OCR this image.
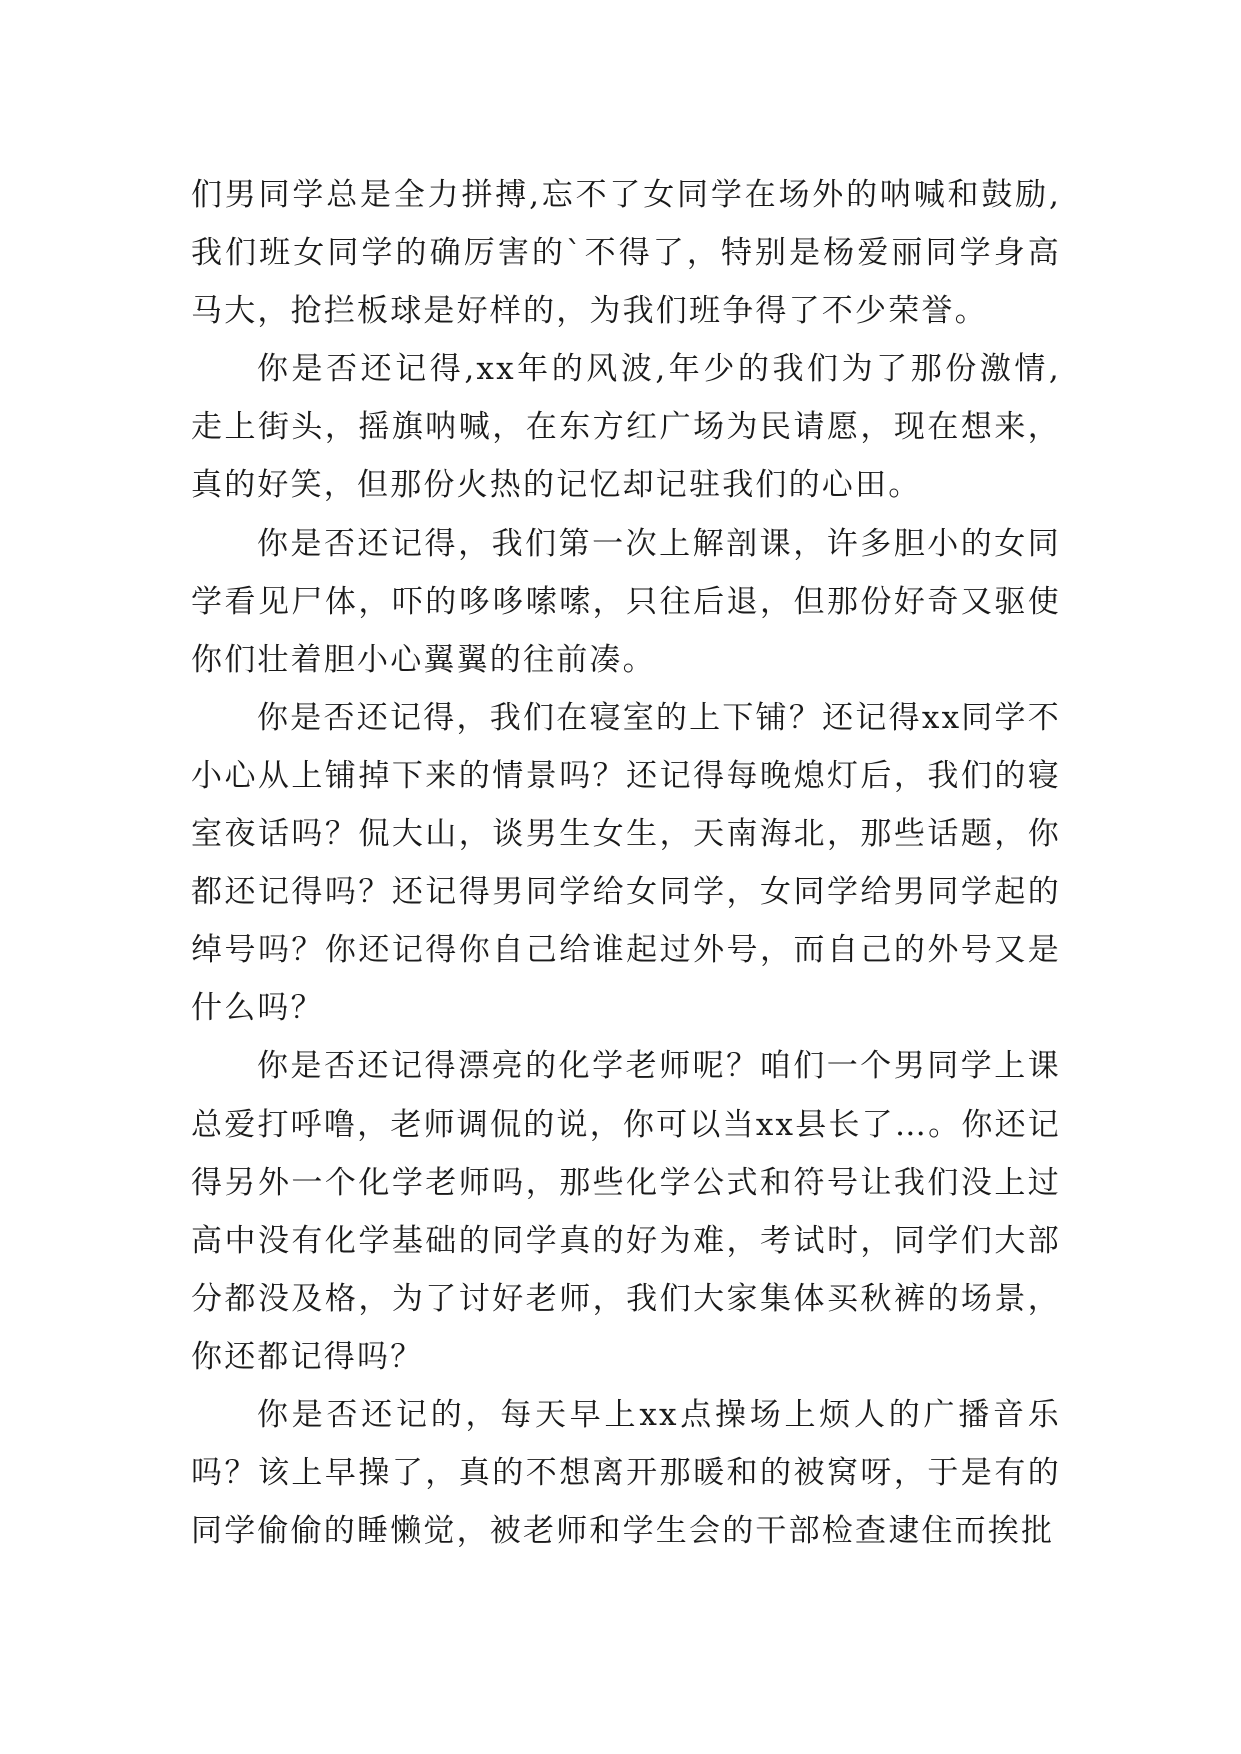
们男同学总是全力拼搏,忘不了女同学在场外的呐喊和鼓励,我们班女同学的确厉害的`不得了，特别是杨爱丽同学身高马大，抢拦板球是好样的，为我们班争得了不少荣誉。

你是否还记得,xx年的风波,年少的我们为了那份激情,走上街头，摇旗呐喊，在东方红广场为民请愿，现在想来，真的好笑，但那份火热的记忆却记驻我们的心田。

你是否还记得，我们第一次上解剖课，许多胆小的女同学看见尸体，吓的哆哆嗦嗦，只往后退，但那份好奇又驱使你们壮着胆小心翼翼的往前凑。

你是否还记得，我们在寝室的上下铺？还记得xx同学不小心从上铺掉下来的情景吗？还记得每晚熄灯后，我们的寝室夜话吗？侃大山，谈男生女生，天南海北，那些话题，你都还记得吗？还记得男同学给女同学，女同学给男同学起的绰号吗？你还记得你自己给谁起过外号，而自己的外号又是什么吗？

你是否还记得漂亮的化学老师呢？咱们一个男同学上课总爱打呼噜，老师调侃的说，你可以当xx县长了…。你还记得另外一个化学老师吗，那些化学公式和符号让我们没上过高中没有化学基础的同学真的好为难，考试时，同学们大部分都没及格，为了讨好老师，我们大家集体买秋裤的场景，你还都记得吗？

你是否还记的，每天早上xx点操场上烦人的广播音乐吗？该上早操了，真的不想离开那暖和的被窝呀，于是有的同学偷偷的睡懒觉，被老师和学生会的干部检查逮住而挨批
